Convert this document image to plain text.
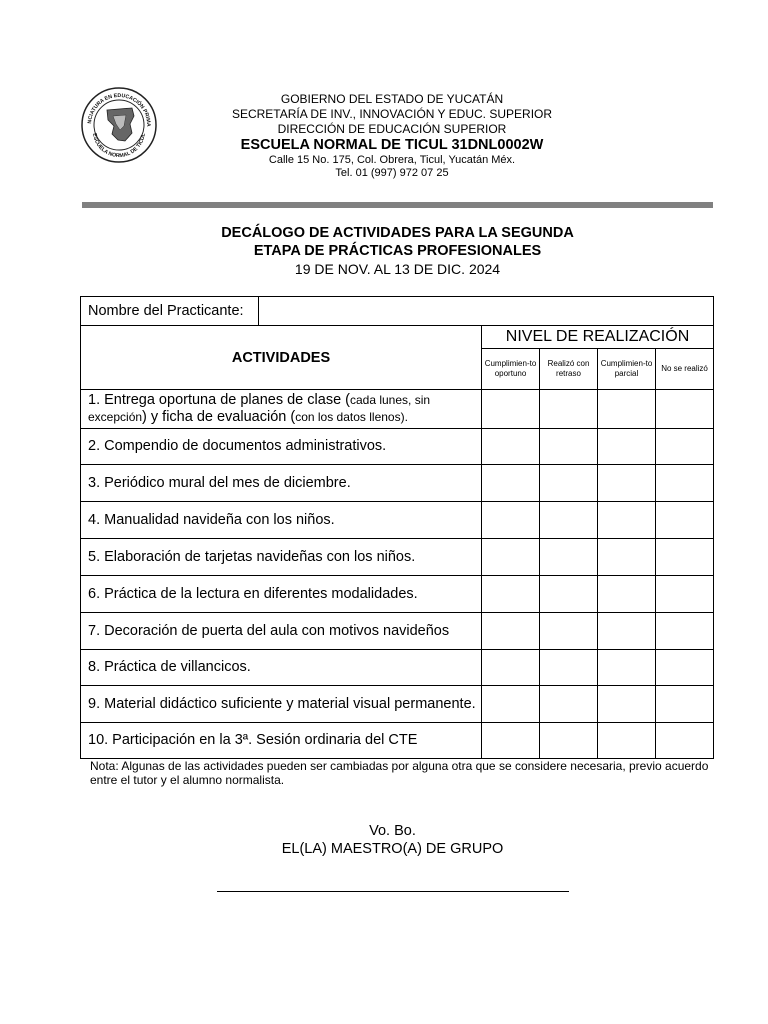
NCIATURA EN EDUCACIÓN PRIMA
ESCUELA NORMAL DE TICUL
GOBIERNO DEL ESTADO DE YUCATÁN
SECRETARÍA DE INV., INNOVACIÓN Y EDUC. SUPERIOR
DIRECCIÓN DE EDUCACIÓN SUPERIOR
ESCUELA NORMAL DE TICUL 31DNL0002W
Calle 15 No. 175, Col. Obrera, Ticul, Yucatán Méx.
Tel. 01 (997) 972 07 25
DECÁLOGO DE ACTIVIDADES PARA LA SEGUNDA
ETAPA DE PRÁCTICAS PROFESIONALES
19 DE NOV. AL 13 DE DIC. 2024
Nombre del Practicante:					
ACTIVIDADES		NIVEL DE REALIZACIÓN			
		Cumplimien-to oportuno	Realizó con retraso	Cumplimien-to parcial	No se realizó
1. Entrega oportuna de planes de clase (cada lunes, sin excepción) y ficha de evaluación (con los datos llenos).					
2. Compendio de documentos administrativos.					
3. Periódico mural del mes de diciembre.					
4. Manualidad navideña con los niños.					
5. Elaboración de tarjetas navideñas con los niños.					
6. Práctica de la lectura en diferentes modalidades.					
7. Decoración de puerta del aula con motivos navideños					
8. Práctica de villancicos.					
9. Material didáctico suficiente y material visual permanente.					
10. Participación en la 3ª. Sesión ordinaria del CTE					
Nota: Algunas de las actividades pueden ser cambiadas por alguna otra que se considere necesaria, previo acuerdo entre el tutor y el alumno normalista.
Vo. Bo.
EL(LA) MAESTRO(A) DE GRUPO
